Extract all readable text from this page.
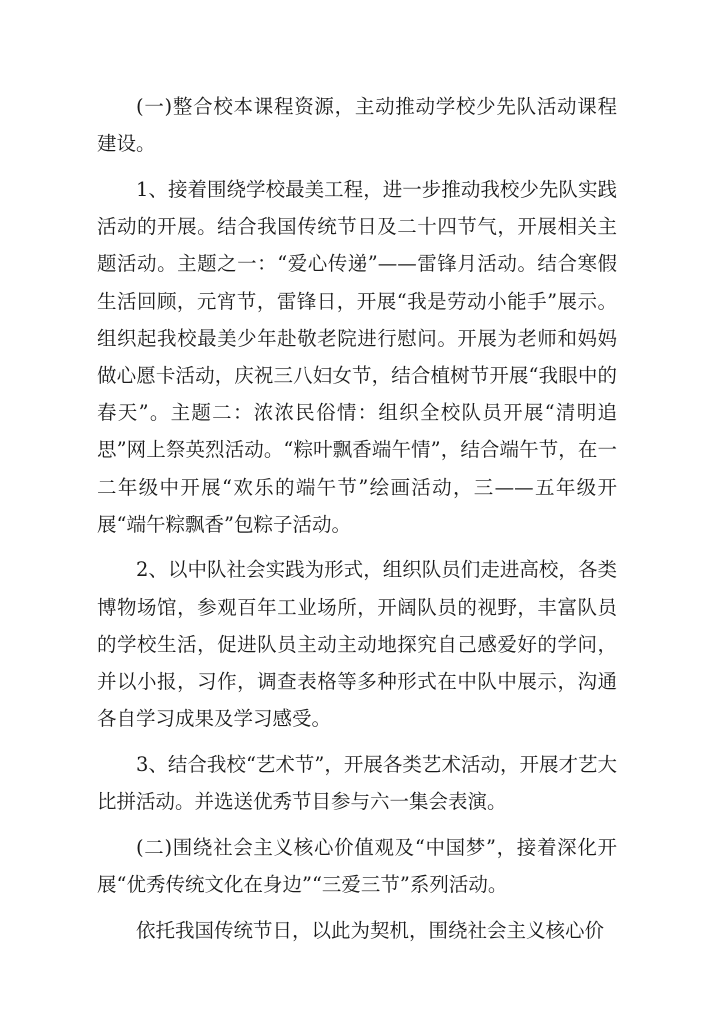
(一)整合校本课程资源，主动推动学校少先队活动课程建设。

1、接着围绕学校最美工程，进一步推动我校少先队实践活动的开展。结合我国传统节日及二十四节气，开展相关主题活动。主题之一：“爱心传递”——雷锋月活动。结合寒假生活回顾，元宵节，雷锋日，开展“我是劳动小能手”展示。组织起我校最美少年赴敬老院进行慰问。开展为老师和妈妈做心愿卡活动，庆祝三八妇女节，结合植树节开展“我眼中的春天”。主题二：浓浓民俗情：组织全校队员开展“清明追思”网上祭英烈活动。“粽叶飘香端午情”，结合端午节，在一二年级中开展“欢乐的端午节”绘画活动，三——五年级开展“端午粽飘香”包粽子活动。

2、以中队社会实践为形式，组织队员们走进高校，各类博物场馆，参观百年工业场所，开阔队员的视野，丰富队员的学校生活，促进队员主动主动地探究自己感爱好的学问，并以小报，习作，调查表格等多种形式在中队中展示，沟通各自学习成果及学习感受。

3、结合我校“艺术节”，开展各类艺术活动，开展才艺大比拼活动。并选送优秀节目参与六一集会表演。

(二)围绕社会主义核心价值观及“中国梦”，接着深化开展“优秀传统文化在身边”“三爱三节”系列活动。

依托我国传统节日，以此为契机，围绕社会主义核心价
